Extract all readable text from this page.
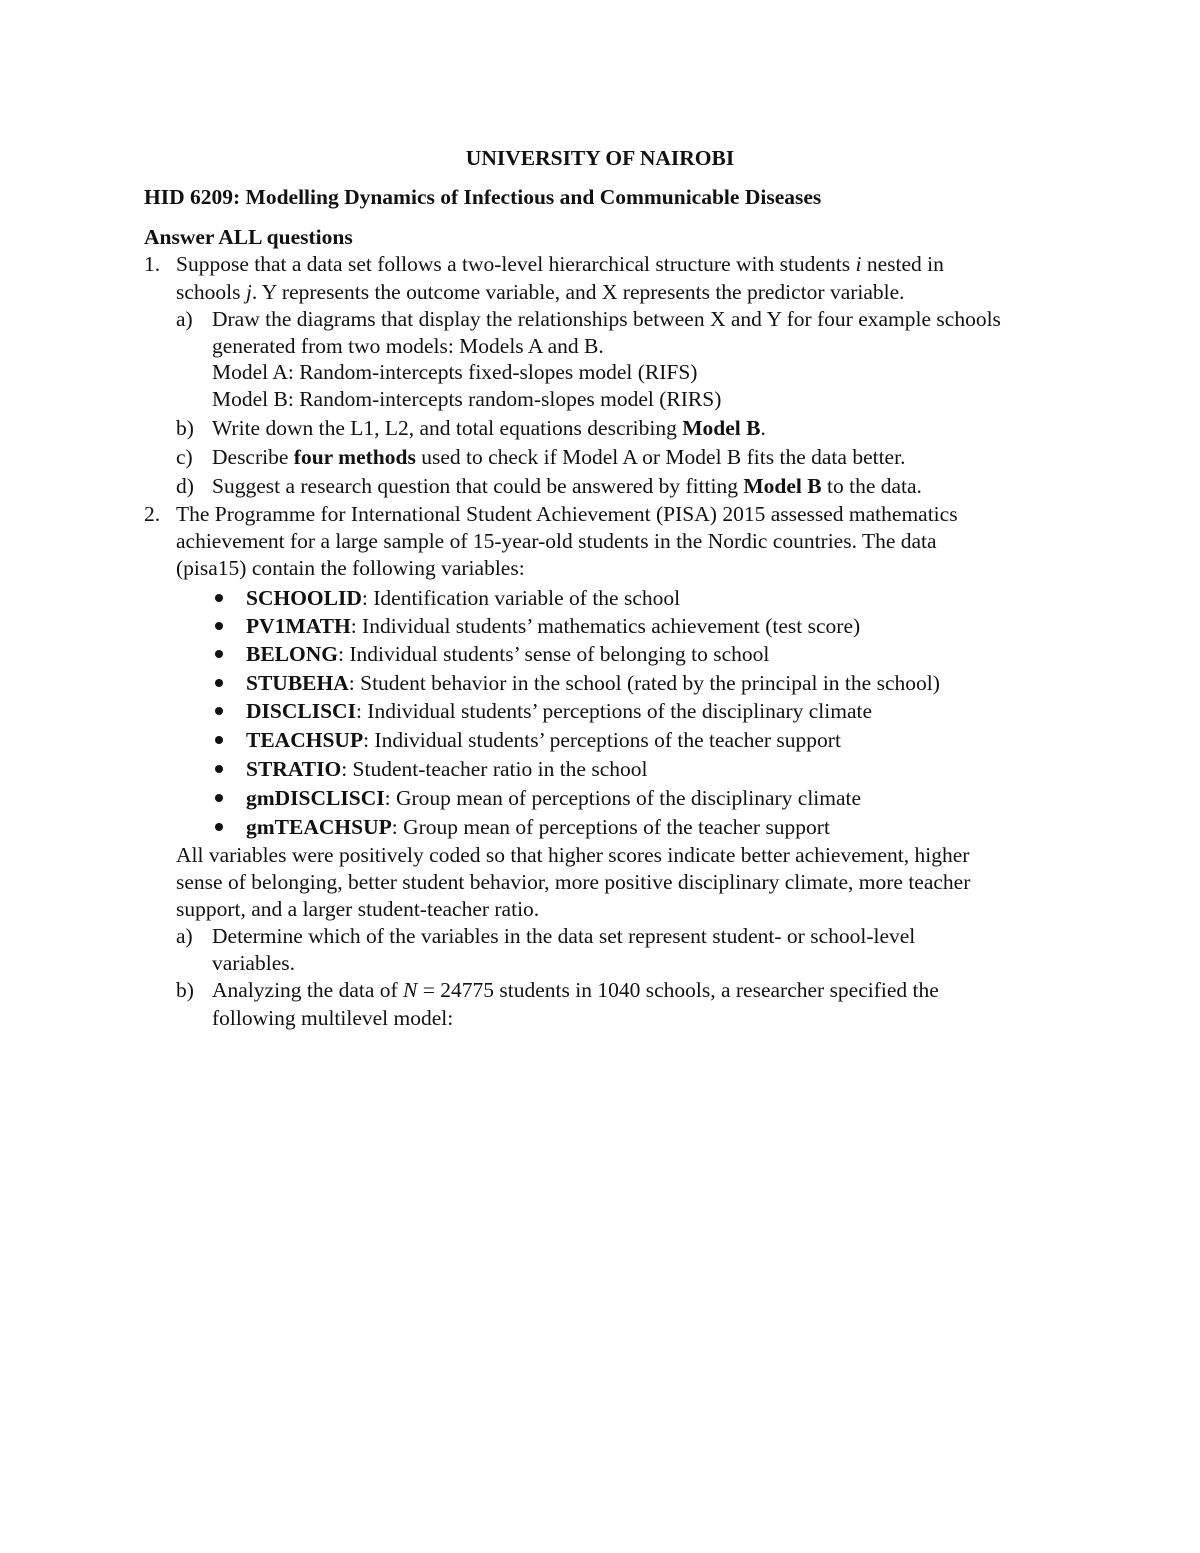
UNIVERSITY OF NAIROBI
HID 6209: Modelling Dynamics of Infectious and Communicable Diseases
Answer ALL questions
1. Suppose that a data set follows a two-level hierarchical structure with students i nested in
schools j. Y represents the outcome variable, and X represents the predictor variable.
a) Draw the diagrams that display the relationships between X and Y for four example schools
generated from two models: Models A and B.
Model A: Random-intercepts fixed-slopes model (RIFS)
Model B: Random-intercepts random-slopes model (RIRS)
b) Write down the L1, L2, and total equations describing Model B.
c) Describe four methods used to check if Model A or Model B fits the data better.
d) Suggest a research question that could be answered by fitting Model B to the data.
2. The Programme for International Student Achievement (PISA) 2015 assessed mathematics
achievement for a large sample of 15-year-old students in the Nordic countries. The data
(pisa15) contain the following variables:
SCHOOLID: Identification variable of the school
PV1MATH: Individual students’ mathematics achievement (test score)
BELONG: Individual students’ sense of belonging to school
STUBEHA: Student behavior in the school (rated by the principal in the school)
DISCLISCI: Individual students’ perceptions of the disciplinary climate
TEACHSUP: Individual students’ perceptions of the teacher support
STRATIO: Student-teacher ratio in the school
gmDISCLISCI: Group mean of perceptions of the disciplinary climate
gmTEACHSUP: Group mean of perceptions of the teacher support
All variables were positively coded so that higher scores indicate better achievement, higher
sense of belonging, better student behavior, more positive disciplinary climate, more teacher
support, and a larger student-teacher ratio.
a) Determine which of the variables in the data set represent student- or school-level
variables.
b) Analyzing the data of N = 24775 students in 1040 schools, a researcher specified the
following multilevel model:
